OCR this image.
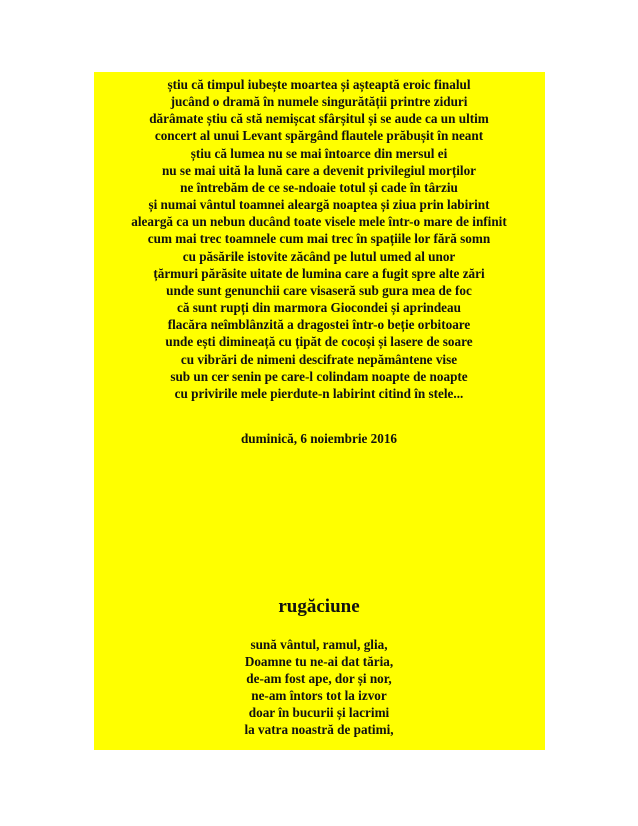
știu că timpul iubește moartea și așteaptă eroic finalul
jucând o dramă în numele singurătății printre ziduri
dărâmate știu că stă nemișcat sfârșitul și se aude ca un ultim
concert al unui Levant spărgând flautele prăbușit în neant
știu că lumea nu se mai întoarce din mersul ei
nu se mai uită la lună care a devenit privilegiul morților
ne întrebăm de ce se-ndoaie totul și cade în târziu
și numai vântul toamnei aleargă noaptea și ziua prin labirint
aleargă ca un nebun ducând toate visele mele într-o mare de infinit
cum mai trec toamnele cum mai trec în spațiile lor fără somn
cu păsările istovite zăcând pe lutul umed al unor
țărmuri părăsite uitate de lumina care a fugit spre alte zări
unde sunt genunchii care visaseră sub gura mea de foc
că sunt rupți din marmora Giocondei și aprindeau
flacăra neîmblânzită a dragostei într-o beție orbitoare
unde ești dimineață cu țipăt de cocoși și lasere de soare
cu vibrări de nimeni descifrate nepământene vise
sub un cer senin pe care-l colindam noapte de noapte
cu privirile mele pierdute-n labirint citind în stele...
duminică, 6 noiembrie 2016
rugăciune
sună vântul, ramul, glia,
Doamne tu ne-ai dat tăria,
de-am fost ape, dor și nor,
ne-am întors tot la izvor
doar în bucurii și lacrimi
la vatra noastră de patimi,
